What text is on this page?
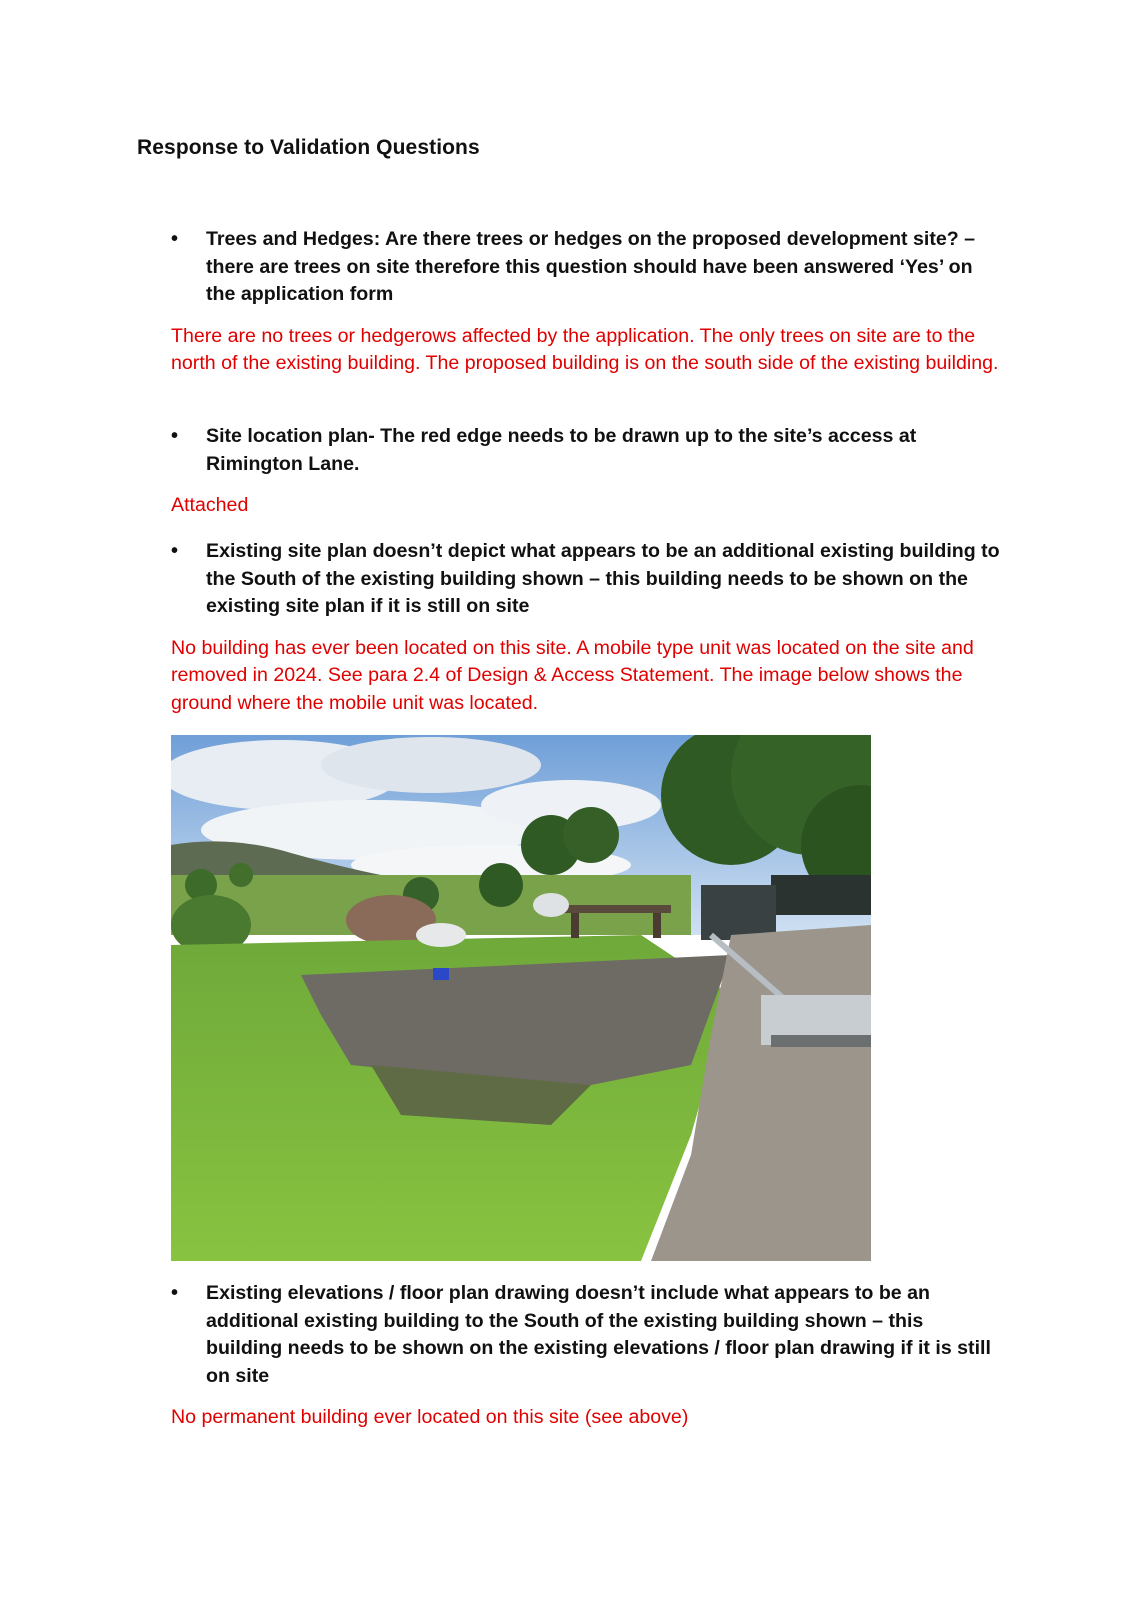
Response to Validation Questions
•	Trees and Hedges: Are there trees or hedges on the proposed development site? – there are trees on site therefore this question should have been answered ‘Yes’ on the application form

There are no trees or hedgerows affected by the application. The only trees on site are to the north of the existing building. The proposed building is on the south side of the existing building.

•	Site location plan- The red edge needs to be drawn up to the site’s access at Rimington Lane.

Attached

•	Existing site plan doesn’t depict what appears to be an additional existing building to the South of the existing building shown – this building needs to be shown on the existing site plan if it is still on site

No building has ever been located on this site. A mobile type unit was located on the site and removed in 2024. See para 2.4 of Design & Access Statement. The image below shows the ground where the mobile unit was located.

•	Existing elevations / floor plan drawing doesn’t include what appears to be an additional existing building to the South of the existing building shown – this building needs to be shown on the existing elevations / floor plan drawing if it is still on site

No permanent building ever located on this site (see above)
